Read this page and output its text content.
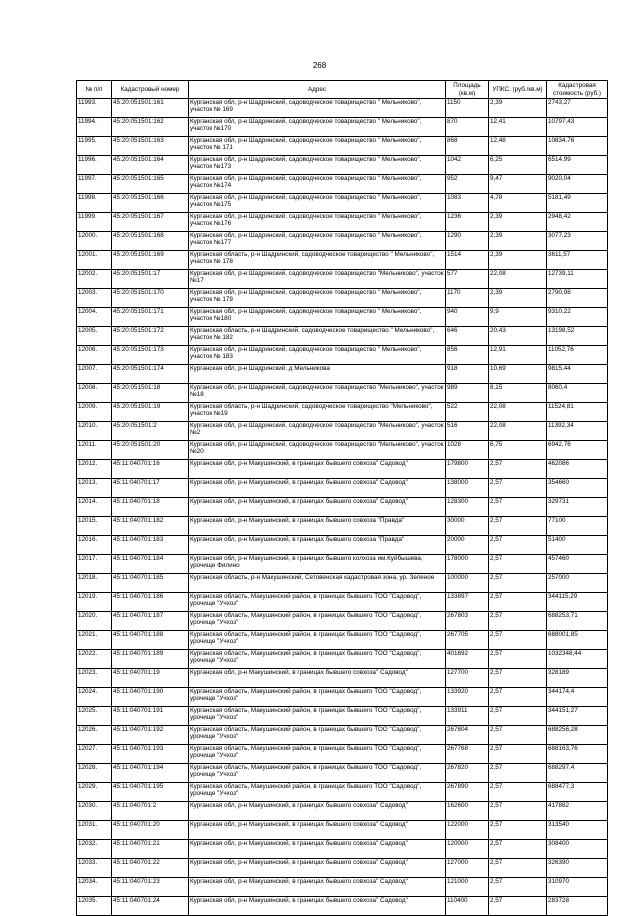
268
№ п/п	Кадастровый номер	Адрес	Площадь (кв.м)	УПКС. (руб./кв.м)	Кадастровая стоимость (руб.)
11993.	45:20:051501:161	Курганская обл, р-н Шадринский, садоводческое товарищество " Мельниково", участок № 169	1150	2,39	2743,27
11994.	45:20:051501:162	Курганская обл, р-н Шадринский, садоводческое товарищество " Мельниково", участок №170	870	12,41	10797,43
11995.	45:20:051501:163	Курганская обл, р-н Шадринский, садоводческое товарищество " Мельниково", участок № 171	868	12,48	10834,76
11996.	45:20:051501:164	Курганская обл, р-н Шадринский, садоводческое товарищество " Мельниково", участок №173	1042	6,25	6514,99
11997.	45:20:051501:165	Курганская обл, р-н Шадринский, садоводческое товарищество " Мельниково", участок №174	952	9,47	9020,04
11998.	45:20:051501:166	Курганская обл, р-н Шадринский, садоводческое товарищество " Мельниково", участок №175	1083	4,78	5181,49
11999.	45:20:051501:167	Курганская обл, р-н Шадринский, садоводческое товарищество " Мельниково", участок №176	1236	2,39	2948,42
12000.	45:20:051501:168	Курганская обл, р-н Шадринский, садоводческое товарищество " Мельниково", участок №177	1290	2,39	3077,23
12001.	45:20:051501:169	Курганская область, р-н Шадринский, садоводческое товарищество " Мельниково", участок № 178	1514	2,39	3611,57
12002.	45:20:051501:17	Курганская обл, р-н Шадринский, садоводческое товарищество "Мельниково", участок №17	577	22,08	12739,11
12003.	45:20:051501:170	Курганская обл, р-н Шадринский, садоводческое товарищество " Мельниково", участок № 179	1170	2,39	2790,98
12004.	45:20:051501:171	Курганская обл, р-н Шадринский, садоводческое товарищество " Мельниково", участок №180	940	9,9	9310,22
12005.	45:20:051501:172	Курганская область, р-н Шадринский, садоводческое товарищество " Мельниково", участок № 182	646	20,43	13198,52
12006.	45:20:051501:173	Курганская обл, р-н Шадринский, садоводческое товарищество " Мельниково", участок № 183	856	12,91	11052,76
12007.	45:20:051501:174	Курганская обл, р-н Шадринский, д Мельникова	918	10,69	9815,44
12008.	45:20:051501:18	Курганская обл, р-н Шадринский, садоводческое товарищество "Мельниково", участок №18	989	8,15	8060,4
12009.	45:20:051501:19	Курганская область, р-н Шадринский, садоводческое товарищество "Мельниково", участок №19	522	22,08	11524,81
12010.	45:20:051501:2	Курганская обл, р-н Шадринский, садоводческое товарищество "Мельниково", участок №2	516	22,08	11392,34
12011.	45:20:051501:20	Курганская обл, р-н Шадринский, садоводческое товарищество "Мельниково", участок №20	1028	6,75	6942,76
12012.	45:11:040701:16	Курганская обл, р-н Макушинский, в границах бывшего совхоза" Садовод"	179800	2,57	462086
12013.	45:11:040701:17	Курганская обл, р-н Макушинский, в границах бывшего совхоза" Садовод"	138000	2,57	354660
12014.	45:11:040701:18	Курганская обл, р-н Макушинский, в границах бывшего совхоза" Садовод"	128300	2,57	329731
12015.	45:11:040701:182	Курганская обл, р-н Макушинский, в границах бывшего совхоза "Правда"	30000	2,57	77100
12016.	45:11:040701:183	Курганская обл, р-н Макушинский, в границах бывшего совхоза "Правда"	20000	2,57	51400
12017.	45:11:040701:184	Курганская обл, р-н Макушинский, в границах бывшего колхоза им.Куйбышева, урочище Филино	178000	2,57	457460
12018.	45:11:040701:185	Курганская область, р-н Макушинский, Сетовенская кадастровая зона, ур. Зеленое	100000	2,57	257000
12019.	45:11:040701:186	Курганская область, Макушинский район, в границах бывшего ТОО "Садовод", урочище "Учхоз"	133897	2,57	344115,29
12020.	45:11:040701:187	Курганская область, Макушинский район, в границах бывшего ТОО "Садовод", урочище "Учхоз"	267803	2,57	688253,71
12021.	45:11:040701:188	Курганская область, Макушинский район, в границах бывшего ТОО "Садовод", урочище "Учхоз"	267705	2,57	688001,85
12022.	45:11:040701:189	Курганская область, Макушинский район, в границах бывшего ТОО "Садовод", урочище "Учхоз"	401692	2,57	1032348,44
12023.	45:11:040701:19	Курганская обл, р-н Макушинский, в границах бывшего совхоза" Садовод"	127700	2,57	328189
12024.	45:11:040701:190	Курганская область, Макушинский район, в границах бывшего ТОО "Садовод", урочище "Учхоз"	133920	2,57	344174,4
12025.	45:11:040701:191	Курганская область, Макушинский район, в границах бывшего ТОО "Садовод", урочище "Учхоз"	133911	2,57	344151,27
12026.	45:11:040701:192	Курганская область, Макушинский район, в границах бывшего ТОО "Садовод", урочище "Учхоз"	267804	2,57	688256,28
12027.	45:11:040701:193	Курганская область, Макушинский район, в границах бывшего ТОО "Садовод", урочище "Учхоз"	267768	2,57	688163,76
12028.	45:11:040701:194	Курганская область, Макушинский район, в границах бывшего ТОО "Садовод", урочище "Учхоз"	267820	2,57	688297,4
12029.	45:11:040701:195	Курганская область, Макушинский район, в границах бывшего ТОО "Садовод", урочище "Учхоз"	267890	2,57	688477,3
12030.	45:11:040701:2	Курганская обл, р-н Макушинский, в границах бывшего совхоза" Садовод"	162600	2,57	417882
12031.	45:11:040701:20	Курганская обл, р-н Макушинский, в границах бывшего совхоза" Садовод"	122000	2,57	313540
12032.	45:11:040701:21	Курганская обл, р-н Макушинский, в границах бывшего совхоза" Садовод"	120000	2,57	308400
12033.	45:11:040701:22	Курганская обл, р-н Макушинский, в границах бывшего совхоза" Садовод"	127000	2,57	326390
12034.	45:11:040701:23	Курганская обл, р-н Макушинский, в границах бывшего совхоза" Садовод"	121000	2,57	310970
12035.	45:11:040701:24	Курганская обл, р-н Макушинский, в границах бывшего совхоза" Садовод"	110400	2,57	283728
